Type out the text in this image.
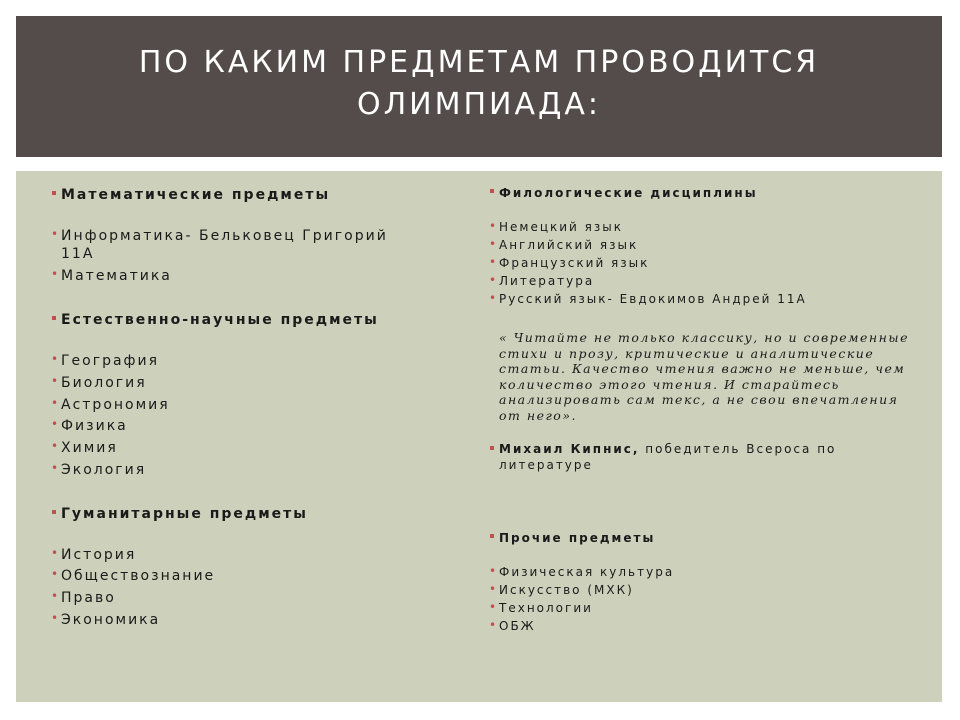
ПО КАКИМ ПРЕДМЕТАМ ПРОВОДИТСЯ
ОЛИМПИАДА:
Математические предметы
• Информатика- Бельковец Григорий
11А
• Математика
Естественно-научные предметы
• География
• Биология
• Астрономия
• Физика
• Химия
• Экология
Гуманитарные предметы
• История
• Обществознание
• Право
• Экономика
Филологические дисциплины
• Немецкий язык
• Английский язык
• Французский язык
• Литература
• Русский язык- Евдокимов Андрей 11А
« Читайте не только классику, но и современные стихи и прозу, критические и аналитические статьи. Качество чтения важно не меньше, чем количество этого чтения. И старайтесь анализировать сам текс, а не свои впечатления от него».
Михаил Кипнис, победитель Всероса по литературе
Прочие предметы
• Физическая культура
• Искусство (МХК)
• Технологии
• ОБЖ
